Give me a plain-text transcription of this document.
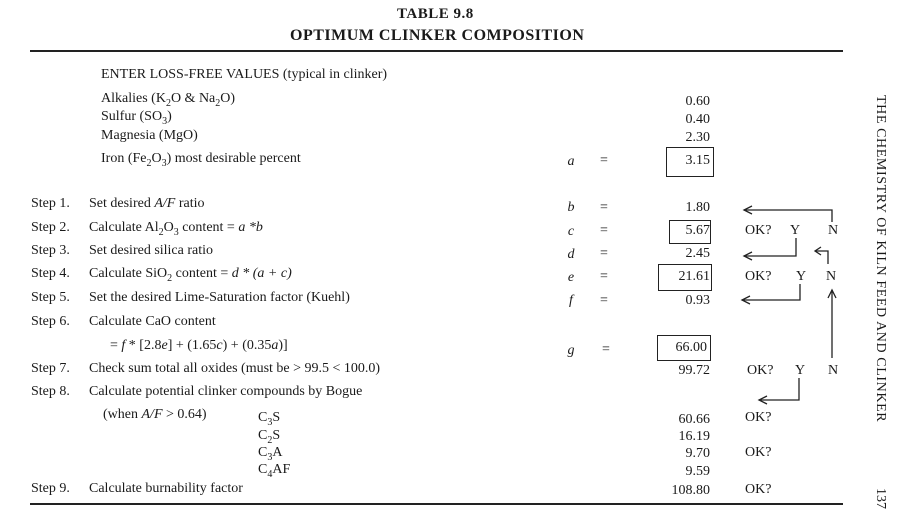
TABLE 9.8
OPTIMUM CLINKER COMPOSITION
ENTER LOSS-FREE VALUES (typical in clinker)
Alkalies ($K_2O$ & $Na_2O$)	0.60
Sulfur $(SO_3)$	0.40
Magnesia (MgO)	2.30
Iron $(Fe_2O_3)$ most desirable percent	a =	3.15
Step 1. Set desired A/F ratio	b =	1.80
Step 2. Calculate $Al_2O_3$ content = a *b	c =	5.67	OK? Y N
Step 3. Set desired silica ratio	d =	2.45
Step 4. Calculate SiO$_2$ content = d * (a + c)	e =	21.61	OK? Y N
Step 5. Set the desired Lime-Saturation factor (Kuehl)	f	=	0.93
Step 6. Calculate CaO content
= f * [2.8e] + (1.65c) + (0.35a)]	g =	66.00
Step 7. Check sum total all oxides (must be > 99.5 < 100.0)	99.72	OK? Y N
Step 8. Calculate potential clinker compounds by Bogue
(when A/F > 0.64)	$C_3S$	60.66	OK?
$C_2S$	16.19
$C_3A$	9.70	OK?
$C_4AF$	9.59
Step 9. Calculate burnability factor	108.80	OK?
THE CHEMISTRY OF KILN FEED AND CLINKER
137
